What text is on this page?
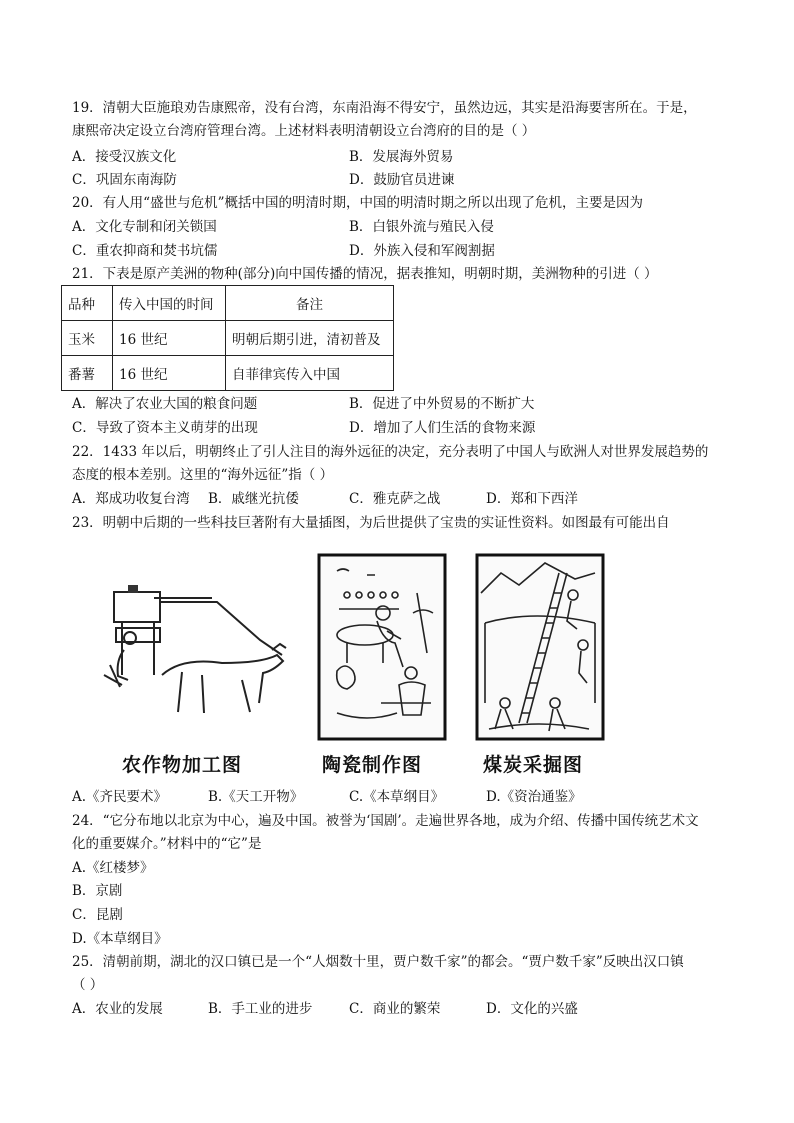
19．清朝大臣施琅劝告康熙帝，没有台湾，东南沿海不得安宁，虽然边远，其实是沿海要害所在。于是，
康熙帝决定设立台湾府管理台湾。上述材料表明清朝设立台湾府的目的是（ ）
A．接受汉族文化	B．发展海外贸易
C．巩固东南海防	D．鼓励官员进谏
20．有人用“盛世与危机”概括中国的明清时期，中国的明清时期之所以出现了危机，主要是因为
A．文化专制和闭关锁国	B．白银外流与殖民入侵
C．重农抑商和焚书坑儒	D．外族入侵和军阀割据
21．下表是原产美洲的物种(部分)向中国传播的情况，据表推知，明朝时期，美洲物种的引进（ ）
品种	传入中国的时间	备注
玉米	16 世纪	明朝后期引进，清初普及
番薯	16 世纪	自菲律宾传入中国
A．解决了农业大国的粮食问题	B．促进了中外贸易的不断扩大
C．导致了资本主义萌芽的出现	D．增加了人们生活的食物来源
22．1433 年以后，明朝终止了引人注目的海外远征的决定，充分表明了中国人与欧洲人对世界发展趋势的
态度的根本差别。这里的“海外远征”指（ ）
A．郑成功收复台湾 B．戚继光抗倭	C．雅克萨之战	D．郑和下西洋
23．明朝中后期的一些科技巨著附有大量插图，为后世提供了宝贵的实证性资料。如图最有可能出自
农作物加工图	陶瓷制作图	煤炭采掘图
A.《齐民要术》	B.《天工开物》	C.《本草纲目》	D.《资治通鉴》
24．“它分布地以北京为中心，遍及中国。被誉为‘国剧’。走遍世界各地，成为介绍、传播中国传统艺术文
化的重要媒介。”材料中的“它”是
A.《红楼梦》
B．京剧
C．昆剧
D.《本草纲目》
25．清朝前期，湖北的汉口镇已是一个“人烟数十里，贾户数千家”的都会。“贾户数千家”反映出汉口镇
（ ）
A．农业的发展	B．手工业的进步	C．商业的繁荣	D．文化的兴盛
